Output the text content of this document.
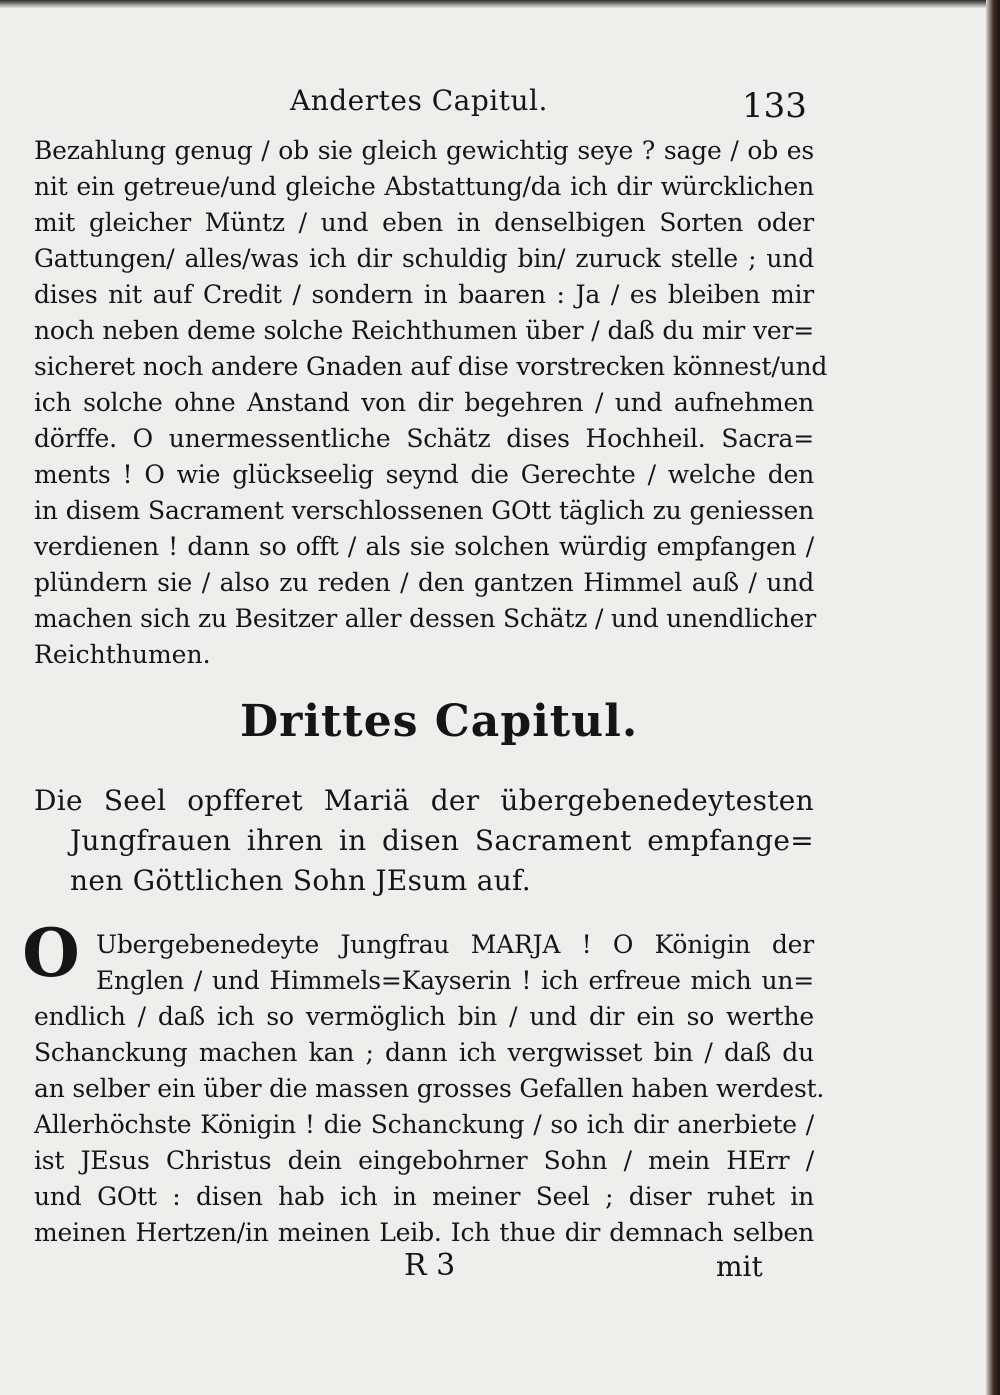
Andertes Capitul.	133
Bezahlung genug / ob sie gleich gewichtig seye ? sage / ob es
nit ein getreue/und gleiche Abstattung/da ich dir würcklichen
mit gleicher Müntz / und eben in denselbigen Sorten oder
Gattungen/ alles/was ich dir schuldig bin/ zuruck stelle ; und
dises nit auf Credit / sondern in baaren : Ja / es bleiben mir
noch neben deme solche Reichthumen über / daß du mir ver=
sicheret noch andere Gnaden auf dise vorstrecken könnest/und
ich solche ohne Anstand von dir begehren / und aufnehmen
dörffe. O unermessentliche Schätz dises Hochheil. Sacra=
ments ! O wie glückseelig seynd die Gerechte / welche den
in disem Sacrament verschlossenen GOtt täglich zu geniessen
verdienen ! dann so offt / als sie solchen würdig empfangen /
plündern sie / also zu reden / den gantzen Himmel auß / und
machen sich zu Besitzer aller dessen Schätz / und unendlicher
Reichthumen.
Drittes Capitul.
Die Seel opfferet Mariä der übergebenedeytesten
Jungfrauen ihren in disen Sacrament empfange=
nen Göttlichen Sohn JEsum auf.
O Ubergebenedeyte Jungfrau MARJA ! O Königin der
Englen / und Himmels=Kayserin ! ich erfreue mich un=
endlich / daß ich so vermöglich bin / und dir ein so werthe
Schanckung machen kan ; dann ich vergwisset bin / daß du
an selber ein über die massen grosses Gefallen haben werdest.
Allerhöchste Königin ! die Schanckung / so ich dir anerbiete /
ist JEsus Christus dein eingebohrner Sohn / mein HErr /
und GOtt : disen hab ich in meiner Seel ; diser ruhet in
meinen Hertzen/in meinen Leib. Ich thue dir demnach selben
R 3	mit
